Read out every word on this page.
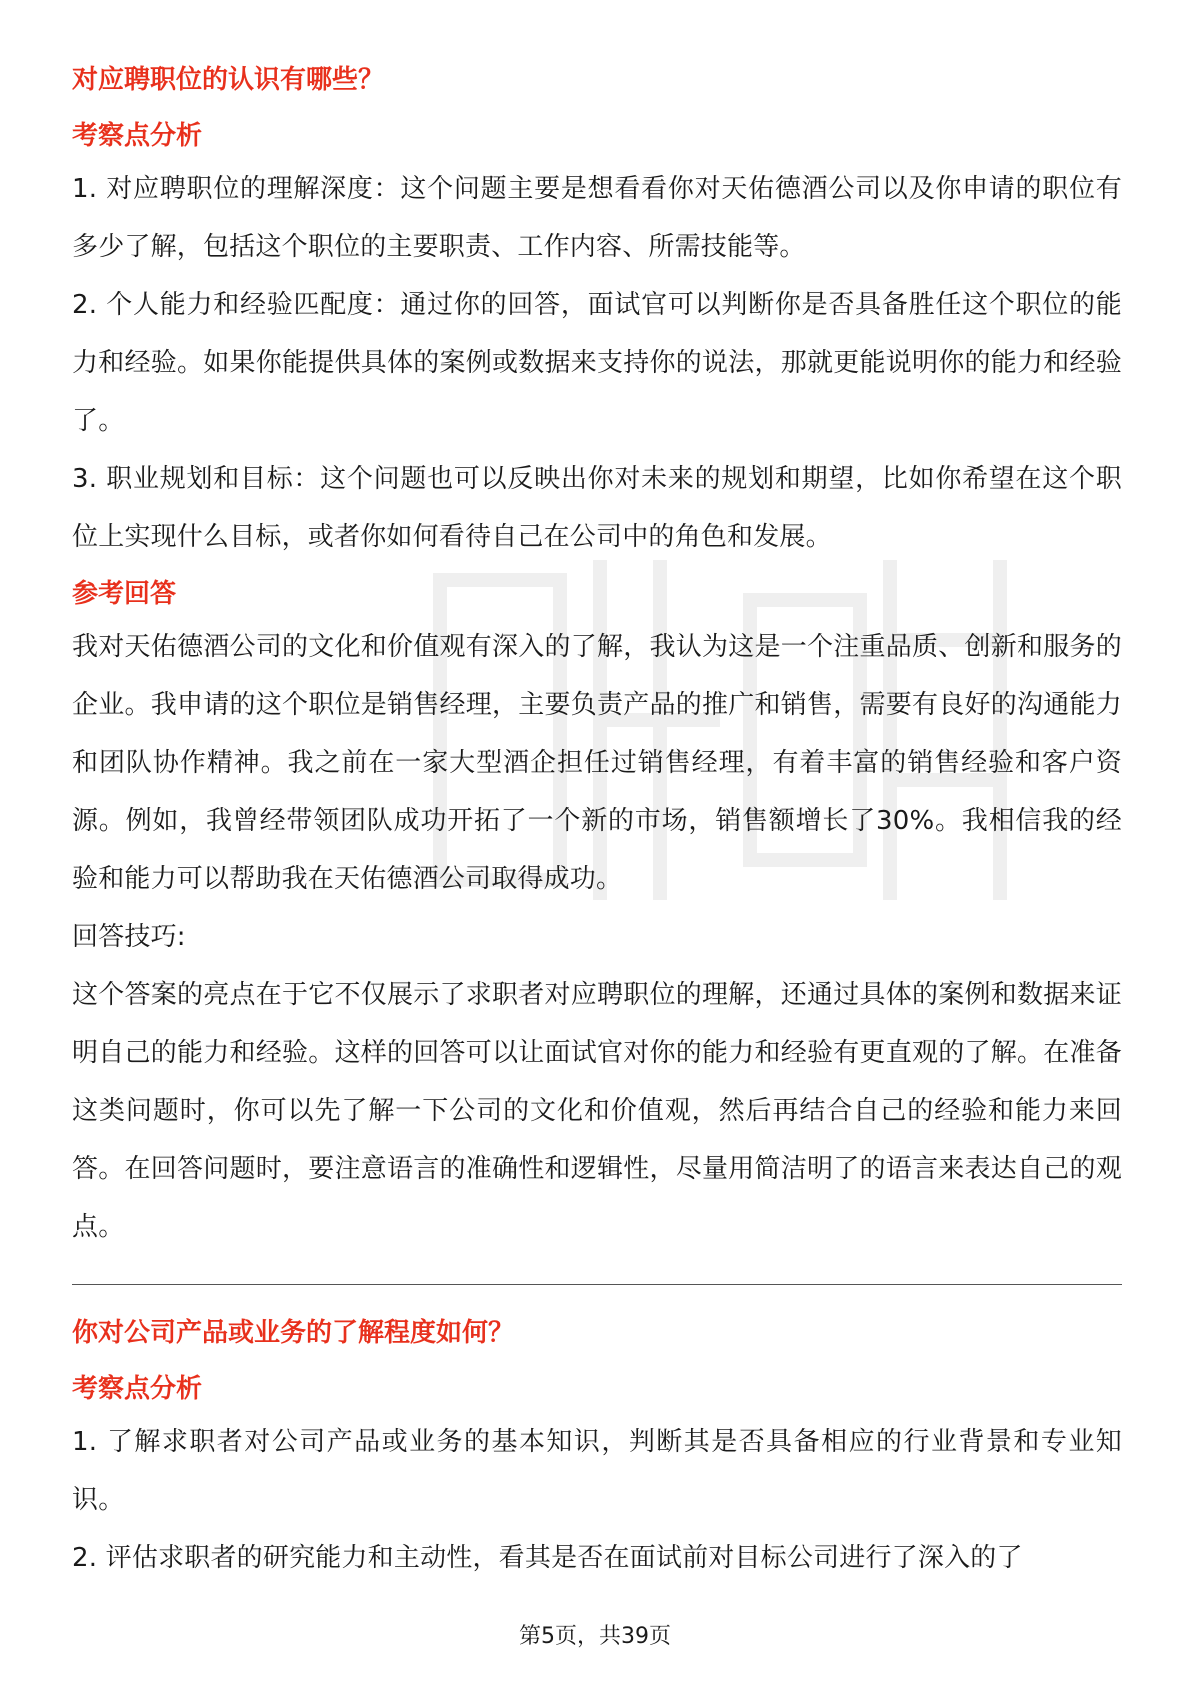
对应聘职位的认识有哪些？
考察点分析

1. 对应聘职位的理解深度：这个问题主要是想看看你对天佑德酒公司以及你申请的职位有多少了解，包括这个职位的主要职责、工作内容、所需技能等。

2. 个人能力和经验匹配度：通过你的回答，面试官可以判断你是否具备胜任这个职位的能力和经验。如果你能提供具体的案例或数据来支持你的说法，那就更能说明你的能力和经验了。

3. 职业规划和目标：这个问题也可以反映出你对未来的规划和期望，比如你希望在这个职位上实现什么目标，或者你如何看待自己在公司中的角色和发展。

参考回答

我对天佑德酒公司的文化和价值观有深入的了解，我认为这是一个注重品质、创新和服务的企业。我申请的这个职位是销售经理，主要负责产品的推广和销售，需要有良好的沟通能力和团队协作精神。我之前在一家大型酒企担任过销售经理，有着丰富的销售经验和客户资源。例如，我曾经带领团队成功开拓了一个新的市场，销售额增长了30%。我相信我的经验和能力可以帮助我在天佑德酒公司取得成功。

回答技巧:

这个答案的亮点在于它不仅展示了求职者对应聘职位的理解，还通过具体的案例和数据来证明自己的能力和经验。这样的回答可以让面试官对你的能力和经验有更直观的了解。在准备这类问题时，你可以先了解一下公司的文化和价值观，然后再结合自己的经验和能力来回答。在回答问题时，要注意语言的准确性和逻辑性，尽量用简洁明了的语言来表达自己的观点。

你对公司产品或业务的了解程度如何？
考察点分析

1. 了解求职者对公司产品或业务的基本知识，判断其是否具备相应的行业背景和专业知识。

2. 评估求职者的研究能力和主动性，看其是否在面试前对目标公司进行了深入的了

第5页，共39页
